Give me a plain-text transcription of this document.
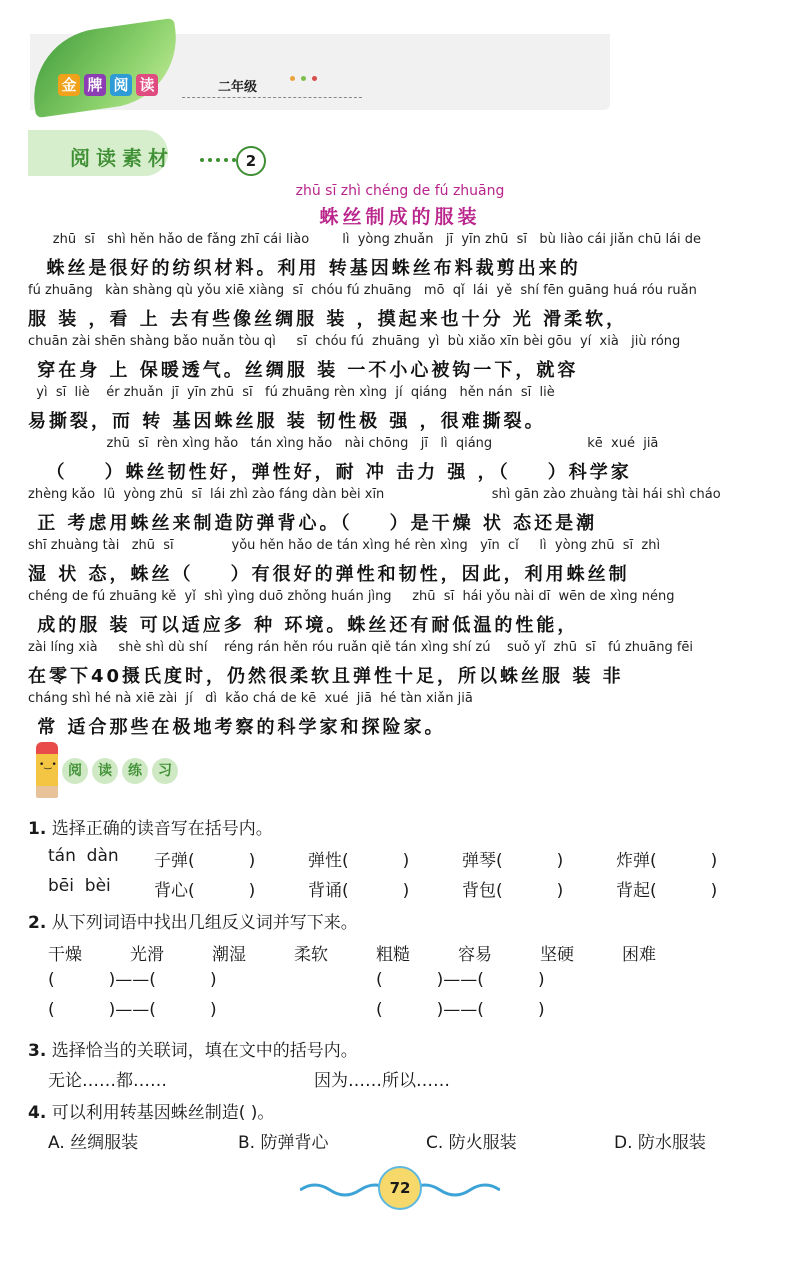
金 牌 阅 读	二年级
阅读素材	2
zhū sī zhì chéng de fú zhuāng
蛛丝制成的服装
zhū  sī   shì hěn hǎo de fǎng zhī cái liào        lì  yòng zhuǎn   jī  yīn zhū  sī   bù liào cái jiǎn chū lái de
蛛丝是很好的纺织材料。利用 转基因蛛丝布料裁剪出来的
fú zhuāng   kàn shàng qù yǒu xiē xiàng  sī  chóu fú zhuāng   mō  qǐ  lái  yě  shí fēn guāng huá róu ruǎn
服 装 ，看 上 去有些像丝绸服 装 ，摸起来也十分 光 滑柔软，
chuān zài shēn shàng bǎo nuǎn tòu qì     sī  chóu fú  zhuāng  yì  bù xiǎo xīn bèi gōu  yí  xià   jiù róng
穿在身 上 保暖透气。丝绸服 装 一不小心被钩一下，就容
yì  sī  liè    ér zhuǎn  jī  yīn zhū  sī   fú zhuāng rèn xìng  jí  qiáng   hěn nán  sī  liè
易撕裂，而 转 基因蛛丝服 装 韧性极 强 ，很难撕裂。
zhū  sī  rèn xìng hǎo   tán xìng hǎo   nài chōng   jī   lì  qiáng                       kē  xué  jiā
（    ）蛛丝韧性好，弹性好，耐 冲 击力 强 ，（    ）科学家
zhèng kǎo  lǜ  yòng zhū  sī  lái zhì zào fáng dàn bèi xīn                          shì gān zào zhuàng tài hái shì cháo
正 考虑用蛛丝来制造防弹背心。（    ）是干燥 状 态还是潮
shī zhuàng tài   zhū  sī              yǒu hěn hǎo de tán xìng hé rèn xìng   yīn  cǐ     lì  yòng zhū  sī  zhì
湿 状 态，蛛丝（    ）有很好的弹性和韧性，因此，利用蛛丝制
chéng de fú zhuāng kě  yǐ  shì yìng duō zhǒng huán jìng     zhū  sī  hái yǒu nài dī  wēn de xìng néng
成的服 装 可以适应多 种 环境。蛛丝还有耐低温的性能，
zài líng xià     shè shì dù shí    réng rán hěn róu ruǎn qiě tán xìng shí zú    suǒ yǐ  zhū  sī   fú zhuāng fēi
在零下40摄氏度时，仍然很柔软且弹性十足，所以蛛丝服 装 非
cháng shì hé nà xiē zài  jí   dì  kǎo chá de kē  xué  jiā  hé tàn xiǎn jiā
常 适合那些在极地考察的科学家和探险家。
•‿• 阅	读	练	习
1. 选择正确的读音写在括号内。
tán  dàn 子弹(          )	弹性(          )	弹琴(          )	炸弹(          )
bēi  bèi	背心(          )	背诵(          )	背包(          )	背起(          )
2. 从下列词语中找出几组反义词并写下来。
干燥	光滑	潮湿	柔软	粗糙	容易	坚硬	困难
(          )——(          )	(          )——(          )
(          )——(          )	(          )——(          )
3. 选择恰当的关联词，填在文中的括号内。
无论……都……	因为……所以……
4. 可以利用转基因蛛丝制造( )。
A. 丝绸服装	B. 防弹背心	C. 防火服装	D. 防水服装
72
